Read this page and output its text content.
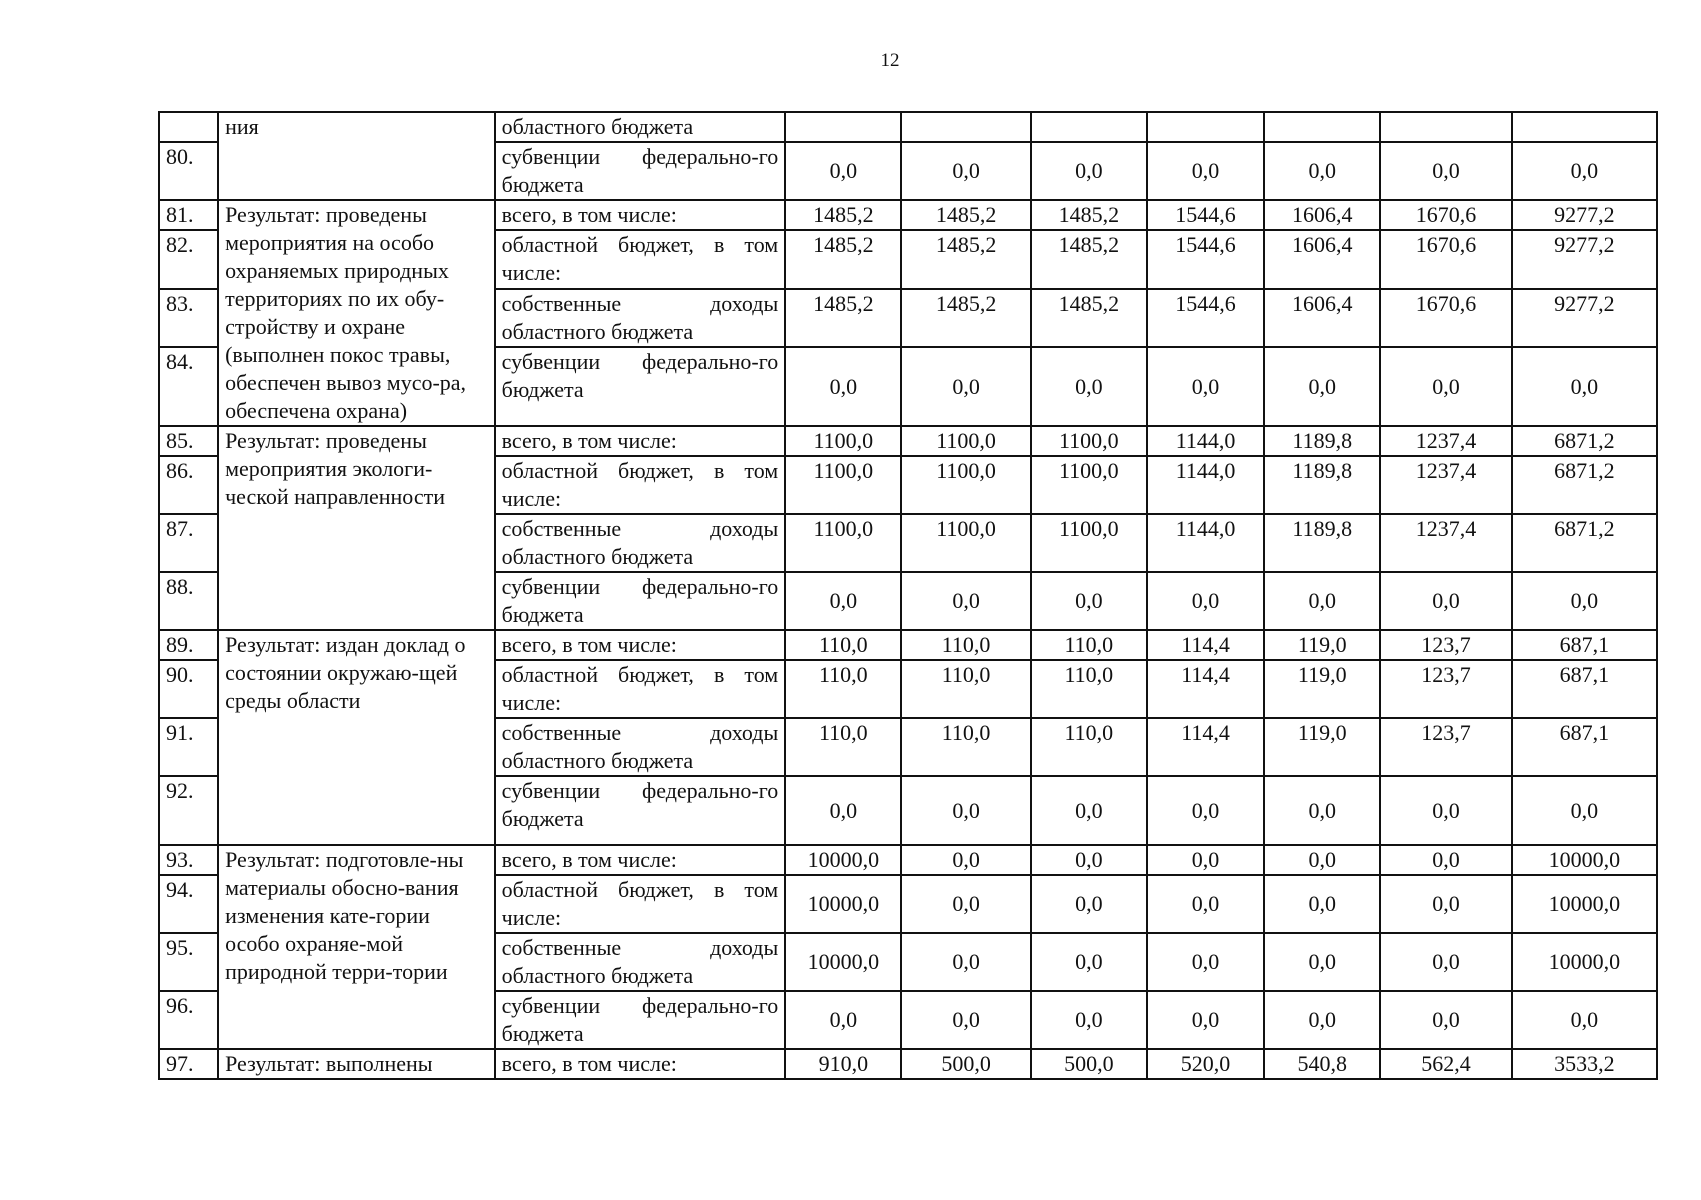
12
	ния	областного бюджета							
80.		субвенции федерально-го бюджета	0,0	0,0	0,0	0,0	0,0	0,0	0,0
81.	Результат: проведены мероприятия на особо охраняемых природных территориях по их обу-стройству и охране (выполнен покос травы, обеспечен вывоз мусо-ра, обеспечена охрана)	всего, в том числе:	1485,2	1485,2	1485,2	1544,6	1606,4	1670,6	9277,2
82.		областной бюджет, в том числе:	1485,2	1485,2	1485,2	1544,6	1606,4	1670,6	9277,2
83.		собственные доходы областного бюджета	1485,2	1485,2	1485,2	1544,6	1606,4	1670,6	9277,2
84.		субвенции федерально-го бюджета	0,0	0,0	0,0	0,0	0,0	0,0	0,0
85.	Результат: проведены мероприятия экологи-ческой направленности	всего, в том числе:	1100,0	1100,0	1100,0	1144,0	1189,8	1237,4	6871,2
86.		областной бюджет, в том числе:	1100,0	1100,0	1100,0	1144,0	1189,8	1237,4	6871,2
87.		собственные доходы областного бюджета	1100,0	1100,0	1100,0	1144,0	1189,8	1237,4	6871,2
88.		субвенции федерально-го бюджета	0,0	0,0	0,0	0,0	0,0	0,0	0,0
89.	Результат: издан доклад о состоянии окружаю-щей среды области	всего, в том числе:	110,0	110,0	110,0	114,4	119,0	123,7	687,1
90.		областной бюджет, в том числе:	110,0	110,0	110,0	114,4	119,0	123,7	687,1
91.		собственные доходы областного бюджета	110,0	110,0	110,0	114,4	119,0	123,7	687,1
92.		субвенции федерально-го бюджета	0,0	0,0	0,0	0,0	0,0	0,0	0,0
93.	Результат: подготовле-ны материалы обосно-вания изменения кате-гории особо охраняе-мой природной терри-тории	всего, в том числе:	10000,0	0,0	0,0	0,0	0,0	0,0	10000,0
94.		областной бюджет, в том числе:	10000,0	0,0	0,0	0,0	0,0	0,0	10000,0
95.		собственные доходы областного бюджета	10000,0	0,0	0,0	0,0	0,0	0,0	10000,0
96.		субвенции федерально-го бюджета	0,0	0,0	0,0	0,0	0,0	0,0	0,0
97.	Результат: выполнены	всего, в том числе:	910,0	500,0	500,0	520,0	540,8	562,4	3533,2
